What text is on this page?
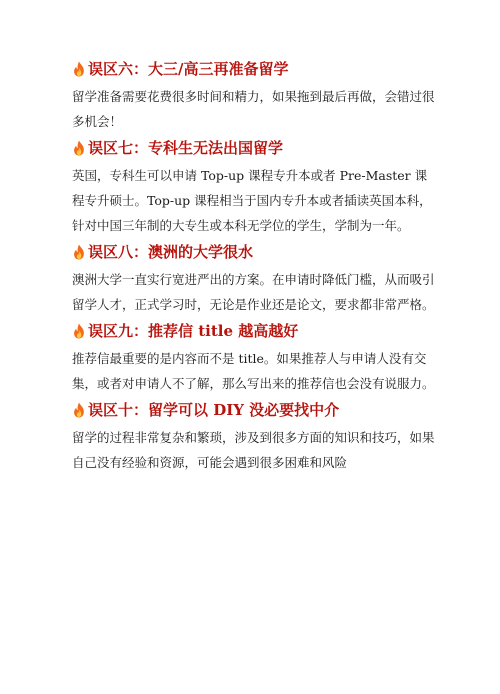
误区六：大三/高三再准备留学

留学准备需要花费很多时间和精力，如果拖到最后再做，会错过很多机会！

误区七：专科生无法出国留学

英国，专科生可以申请 Top-up 课程专升本或者 Pre-Master 课程专升硕士。Top-up 课程相当于国内专升本或者插读英国本科，针对中国三年制的大专生或本科无学位的学生，学制为一年。

误区八：澳洲的大学很水

澳洲大学一直实行宽进严出的方案。在申请时降低门槛，从而吸引留学人才，正式学习时，无论是作业还是论文，要求都非常严格。

误区九：推荐信 title 越高越好

推荐信最重要的是内容而不是 title。如果推荐人与申请人没有交集，或者对申请人不了解，那么写出来的推荐信也会没有说服力。

误区十：留学可以 DIY 没必要找中介

留学的过程非常复杂和繁琐，涉及到很多方面的知识和技巧，如果自己没有经验和资源，可能会遇到很多困难和风险
